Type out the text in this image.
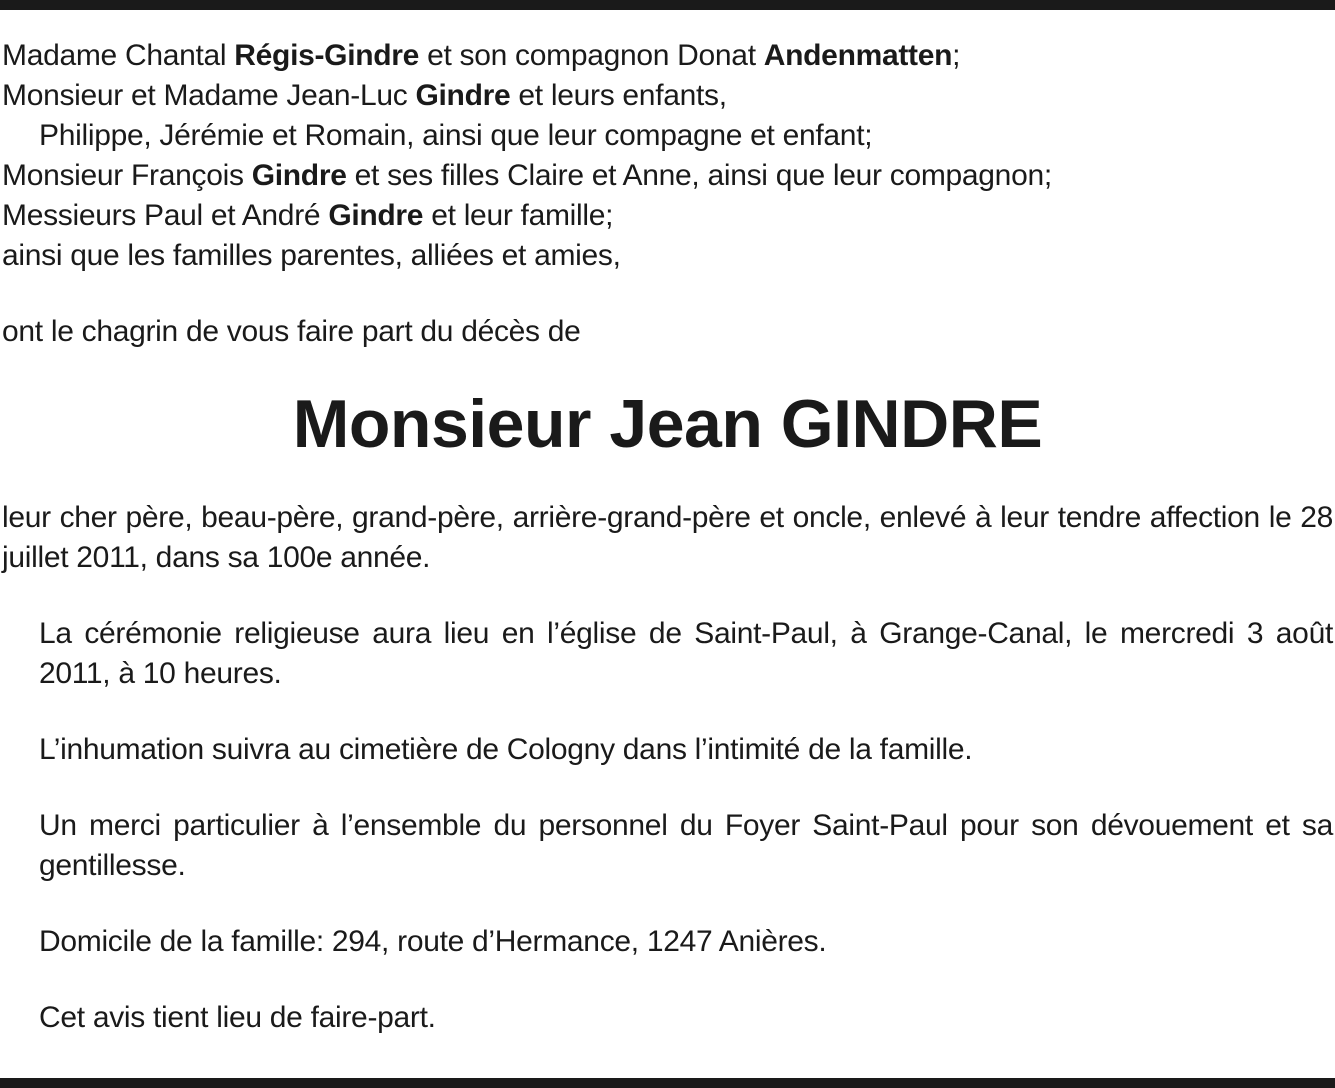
Madame Chantal Régis-Gindre et son compagnon Donat Andenmatten;
Monsieur et Madame Jean-Luc Gindre et leurs enfants,
Philippe, Jérémie et Romain, ainsi que leur compagne et enfant;
Monsieur François Gindre et ses filles Claire et Anne, ainsi que leur compagnon;
Messieurs Paul et André Gindre et leur famille;
ainsi que les familles parentes, alliées et amies,
ont le chagrin de vous faire part du décès de
Monsieur Jean GINDRE
leur cher père, beau-père, grand-père, arrière-grand-père et oncle, enlevé à leur tendre affection le 28 juillet 2011, dans sa 100e année.
La cérémonie religieuse aura lieu en l’église de Saint-Paul, à Grange-Canal, le mercredi 3 août 2011, à 10 heures.
L’inhumation suivra au cimetière de Cologny dans l’intimité de la famille.
Un merci particulier à l’ensemble du personnel du Foyer Saint-Paul pour son dévouement et sa gentillesse.
Domicile de la famille: 294, route d’Hermance, 1247 Anières.
Cet avis tient lieu de faire-part.
